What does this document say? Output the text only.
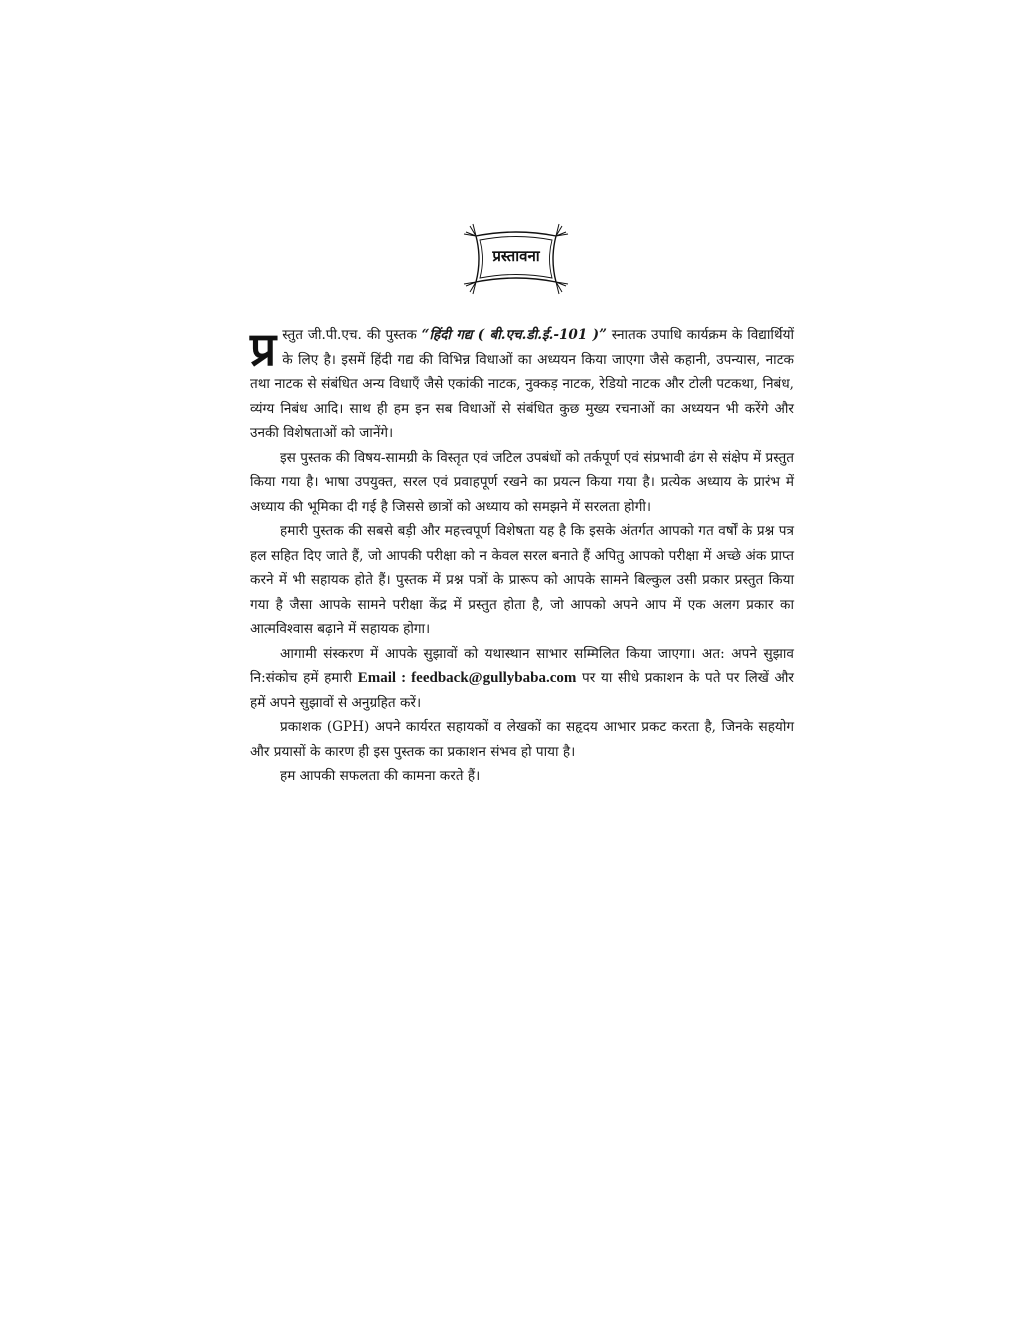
प्रस्तावना

प्र स्तुत जी.पी.एच. की पुस्तक “हिंदी गद्य ( बी.एच.डी.ई.-101 )” स्नातक उपाधि कार्यक्रम के विद्यार्थियों के लिए है। इसमें हिंदी गद्य की विभिन्न विधाओं का अध्ययन किया जाएगा जैसे कहानी, उपन्यास, नाटक तथा नाटक से संबंधित अन्य विधाएँ जैसे एकांकी नाटक, नुक्कड़ नाटक, रेडियो नाटक और टोली पटकथा, निबंध, व्यंग्य निबंध आदि। साथ ही हम इन सब विधाओं से संबंधित कुछ मुख्य रचनाओं का अध्ययन भी करेंगे और उनकी विशेषताओं को जानेंगे।

इस पुस्तक की विषय-सामग्री के विस्तृत एवं जटिल उपबंधों को तर्कपूर्ण एवं संप्रभावी ढंग से संक्षेप में प्रस्तुत किया गया है। भाषा उपयुक्त, सरल एवं प्रवाहपूर्ण रखने का प्रयत्न किया गया है। प्रत्येक अध्याय के प्रारंभ में अध्याय की भूमिका दी गई है जिससे छात्रों को अध्याय को समझने में सरलता होगी।

हमारी पुस्तक की सबसे बड़ी और महत्त्वपूर्ण विशेषता यह है कि इसके अंतर्गत आपको गत वर्षों के प्रश्न पत्र हल सहित दिए जाते हैं, जो आपकी परीक्षा को न केवल सरल बनाते हैं अपितु आपको परीक्षा में अच्छे अंक प्राप्त करने में भी सहायक होते हैं। पुस्तक में प्रश्न पत्रों के प्रारूप को आपके सामने बिल्कुल उसी प्रकार प्रस्तुत किया गया है जैसा आपके सामने परीक्षा केंद्र में प्रस्तुत होता है, जो आपको अपने आप में एक अलग प्रकार का आत्मविश्वास बढ़ाने में सहायक होगा।

आगामी संस्करण में आपके सुझावों को यथास्थान साभार सम्मिलित किया जाएगा। अत: अपने सुझाव नि:संकोच हमें हमारी Email : feedback@gullybaba.com पर या सीधे प्रकाशन के पते पर लिखें और हमें अपने सुझावों से अनुग्रहित करें।

प्रकाशक (GPH) अपने कार्यरत सहायकों व लेखकों का सहृदय आभार प्रकट करता है, जिनके सहयोग और प्रयासों के कारण ही इस पुस्तक का प्रकाशन संभव हो पाया है।

हम आपकी सफलता की कामना करते हैं।
